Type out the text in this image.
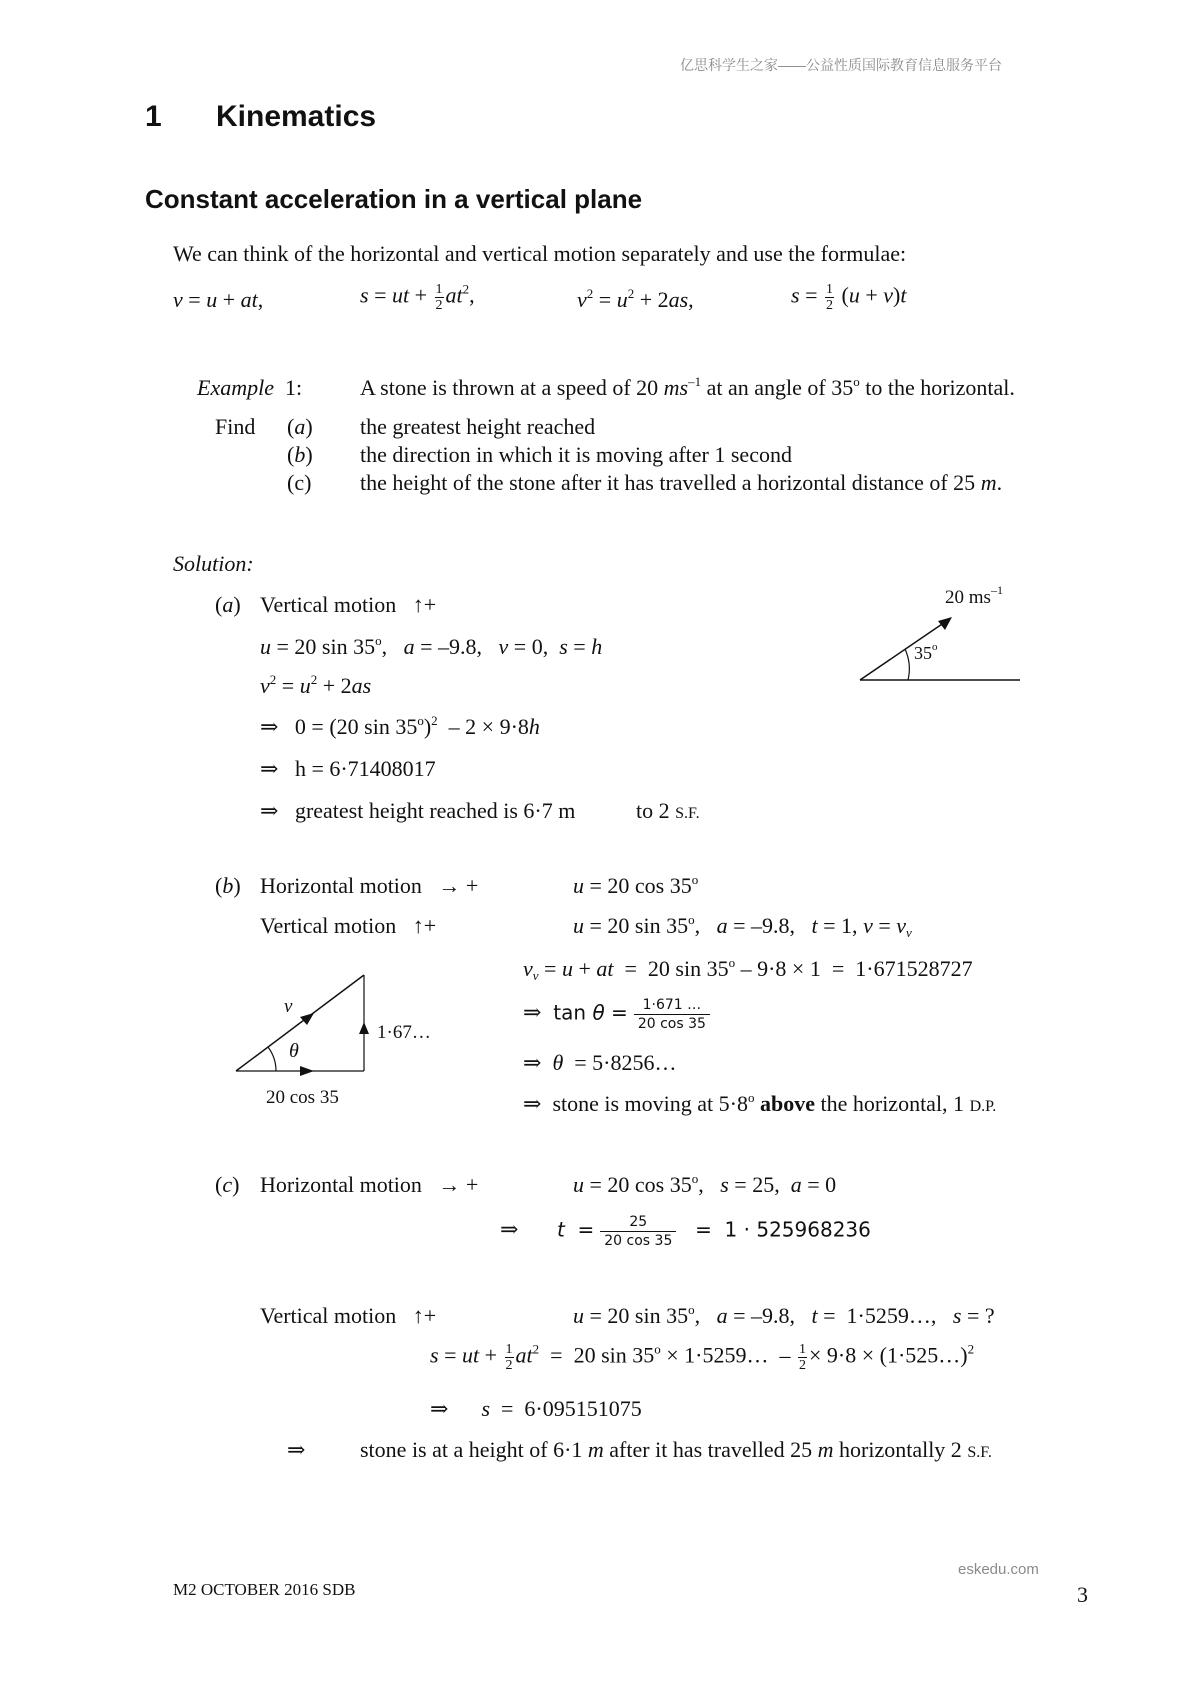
亿思科学生之家——公益性质国际教育信息服务平台
1 Kinematics
Constant acceleration in a vertical plane
We can think of the horizontal and vertical motion separately and use the formulae:
v = u + at,	s = ut + $\frac{1}{2} at^2$,	$v^2 = u^2 + 2as$,	$s = \frac{1}{2} (u + v)t$
Example 1:	A stone is thrown at a speed of 20 $ms^{-1}$ at an angle of 35$^o$ to the horizontal.
Find (a) the greatest height reached
(b) the direction in which it is moving after 1 second
(c) the height of the stone after it has travelled a horizontal distance of 25 m.
Solution:
(a) Vertical motion   ↑+
u = 20 sin 35$^o$,   a = –9.8,   v = 0,  s = h
$v^2 = u^2 + 2as$
⇒   0 = (20 sin 35$^o$)$^2$  – 2 × 9·8h
⇒   h = 6·71408017
⇒   greatest height reached is 6·7 m	to 2 S.F.
20 $ms^{-1}$
35$^o$
(b) Horizontal motion   → +	u = 20 cos 35$^o$
Vertical motion   ↑+	u = 20 sin 35$^o$,   a = –9.8,   t = 1, $v = v_v$
$v_v = u$ + at  =  20 sin 35$^o$ – 9·8 × 1  =  1·671528727
⇒  $\tan \theta = \frac{1\cdot 671 \dots}{20 \cos 35}$
⇒  θ = 5·8256…
⇒  stone is moving at $5\cdot 8^o$ above the horizontal, 1 D.P.
v
θ
1·67…
20 cos 35
(c) Horizontal motion   → +	u = 20 cos 35$^o$,   s = 25,  a = 0
⇒       $t = \frac{25}{20 \cos 35} = 1 \cdot 525968236$
Vertical motion   ↑+	u = 20 sin 35$^o$,   a = –9.8,   t =  1·5259…,   s = ?
s = ut + $\frac{1}{2} at^2 = 20$ $\sin 35^o$ × 1·5259…  – $\frac{1}{2} \times 9\cdot 8$ × (1·525…)$^2$
⇒      s  =  6·095151075
⇒ stone is at a height of 6·1 m after it has travelled 25 m horizontally 2 S.F.
M2 OCTOBER 2016 SDB
eskedu.com
3
